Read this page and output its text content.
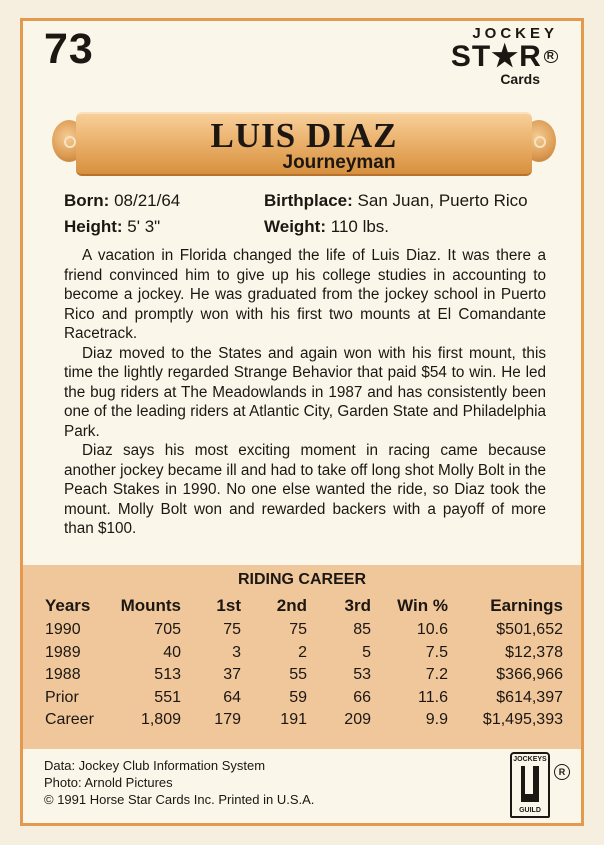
73	JOCKEY
ST★R $^R$
Cards
LUIS DIAZ
Journeyman
Born: 08/21/64	Birthplace: San Juan, Puerto Rico
Height: 5' 3"	Weight: 110 lbs.

A vacation in Florida changed the life of Luis Diaz. It was there a friend convinced him to give up his college studies in accounting to become a jockey. He was graduated from the jockey school in Puerto Rico and promptly won with his first two mounts at El Comandante Racetrack.

Diaz moved to the States and again won with his first mount, this time the lightly regarded Strange Behavior that paid $54 to win. He led the bug riders at The Meadowlands in 1987 and has consistently been one of the leading riders at Atlantic City, Garden State and Philadelphia Park.

Diaz says his most exciting moment in racing came because another jockey became ill and had to take off long shot Molly Bolt in the Peach Stakes in 1990. No one else wanted the ride, so Diaz took the mount. Molly Bolt won and rewarded backers with a payoff of more than $100.

RIDING CAREER
Years	Mounts	1st	2nd	3rd	Win %	Earnings
1990	705	75	75	85	10.6	$501,652
1989	40	3	2	5	7.5	$12,378
1988	513	37	55	53	7.2	$366,966
Prior	551	64	59	66	11.6	$614,397
Career	1,809	179	191	209	9.9	$1,495,393
Data: Jockey Club Information System
Photo: Arnold Pictures
© 1991 Horse Star Cards Inc. Printed in U.S.A.
JOCKEYS
GUILD
R
